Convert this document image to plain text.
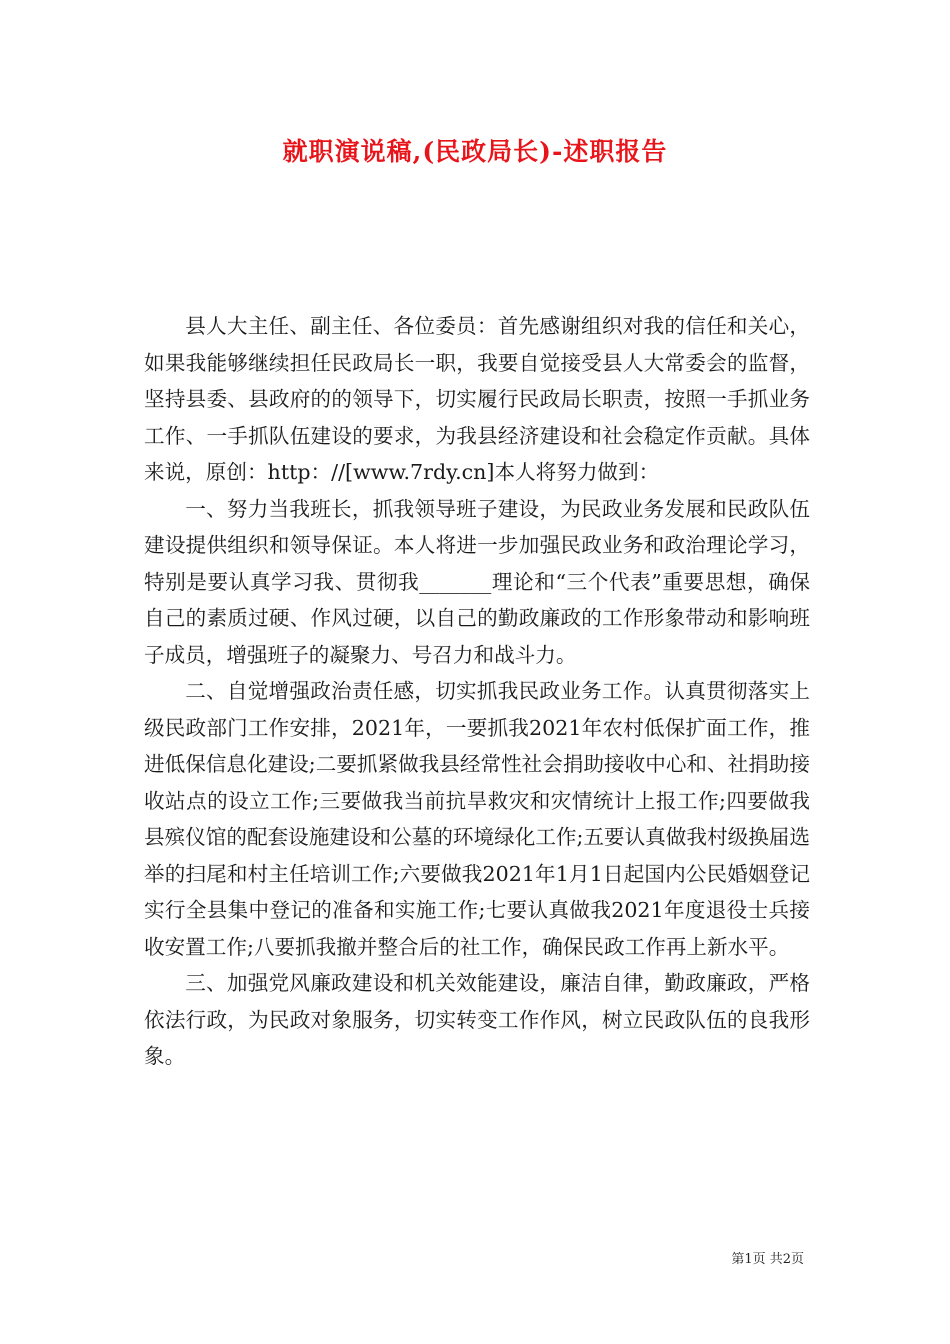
就职演说稿,(民政局长)-述职报告

县人大主任、副主任、各位委员：首先感谢组织对我的信任和关心，如果我能够继续担任民政局长一职，我要自觉接受县人大常委会的监督，坚持县委、县政府的的领导下，切实履行民政局长职责，按照一手抓业务工作、一手抓队伍建设的要求，为我县经济建设和社会稳定作贡献。具体来说，原创：http：//[www.7rdy.cn]本人将努力做到：

一、努力当我班长，抓我领导班子建设，为民政业务发展和民政队伍建设提供组织和领导保证。本人将进一步加强民政业务和政治理论学习，特别是要认真学习我、贯彻我_______理论和“三个代表”重要思想，确保自己的素质过硬、作风过硬，以自己的勤政廉政的工作形象带动和影响班子成员，增强班子的凝聚力、号召力和战斗力。

二、自觉增强政治责任感，切实抓我民政业务工作。认真贯彻落实上级民政部门工作安排，2021年，一要抓我2021年农村低保扩面工作，推进低保信息化建设;二要抓紧做我县经常性社会捐助接收中心和、社捐助接收站点的设立工作;三要做我当前抗旱救灾和灾情统计上报工作;四要做我县殡仪馆的配套设施建设和公墓的环境绿化工作;五要认真做我村级换届选举的扫尾和村主任培训工作;六要做我2021年1月1日起国内公民婚姻登记实行全县集中登记的准备和实施工作;七要认真做我2021年度退役士兵接收安置工作;八要抓我撤并整合后的社工作，确保民政工作再上新水平。

三、加强党风廉政建设和机关效能建设，廉洁自律，勤政廉政，严格依法行政，为民政对象服务，切实转变工作作风，树立民政队伍的良我形象。

第1页 共2页
